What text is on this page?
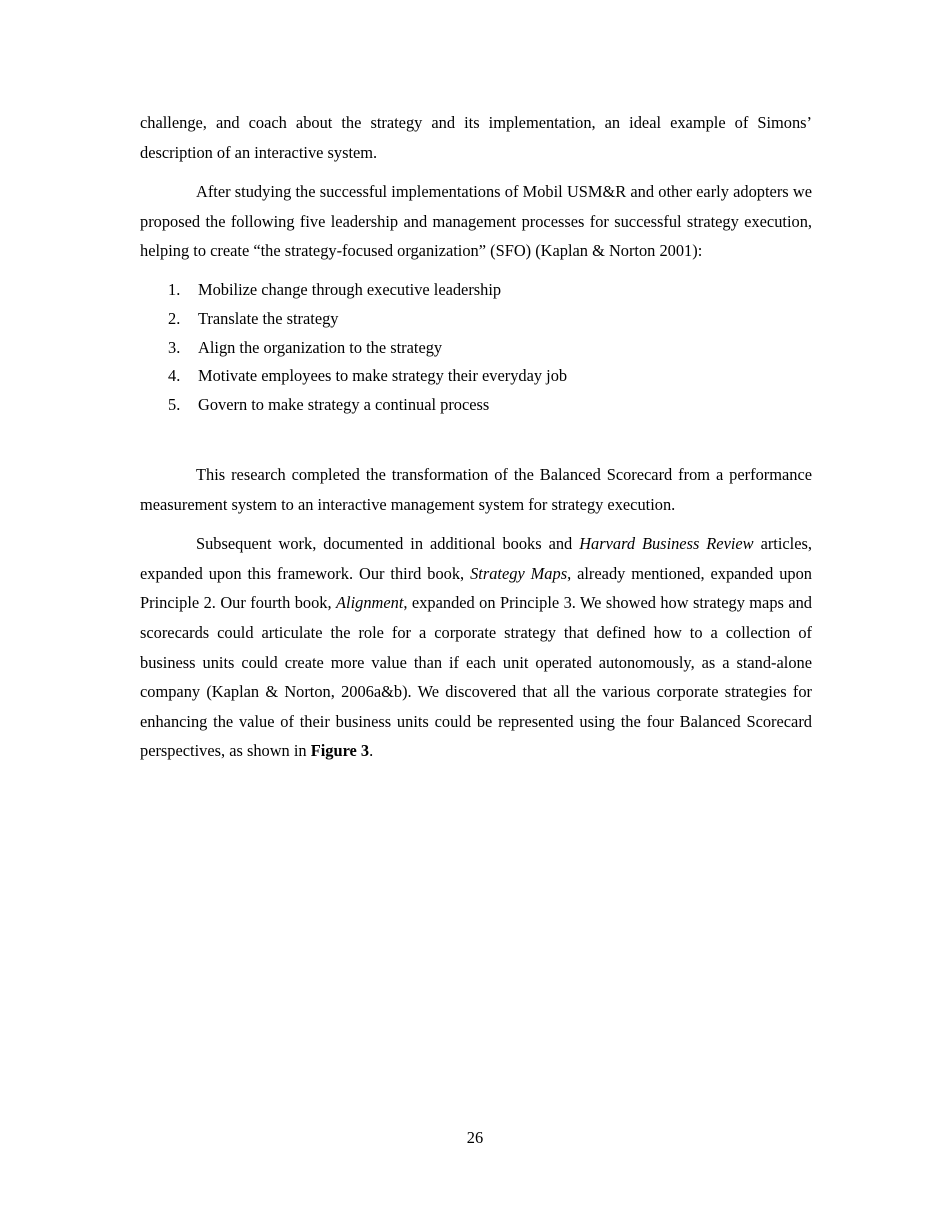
challenge, and coach about the strategy and its implementation, an ideal example of Simons’ description of an interactive system.

After studying the successful implementations of Mobil USM&R and other early adopters we proposed the following five leadership and management processes for successful strategy execution, helping to create “the strategy-focused organization” (SFO) (Kaplan & Norton 2001):

1. Mobilize change through executive leadership
2. Translate the strategy
3. Align the organization to the strategy
4. Motivate employees to make strategy their everyday job
5. Govern to make strategy a continual process

This research completed the transformation of the Balanced Scorecard from a performance measurement system to an interactive management system for strategy execution.

Subsequent work, documented in additional books and Harvard Business Review articles, expanded upon this framework. Our third book, Strategy Maps, already mentioned, expanded upon Principle 2. Our fourth book, Alignment, expanded on Principle 3. We showed how strategy maps and scorecards could articulate the role for a corporate strategy that defined how to a collection of business units could create more value than if each unit operated autonomously, as a stand-alone company (Kaplan & Norton, 2006a&b). We discovered that all the various corporate strategies for enhancing the value of their business units could be represented using the four Balanced Scorecard perspectives, as shown in Figure 3.

26
